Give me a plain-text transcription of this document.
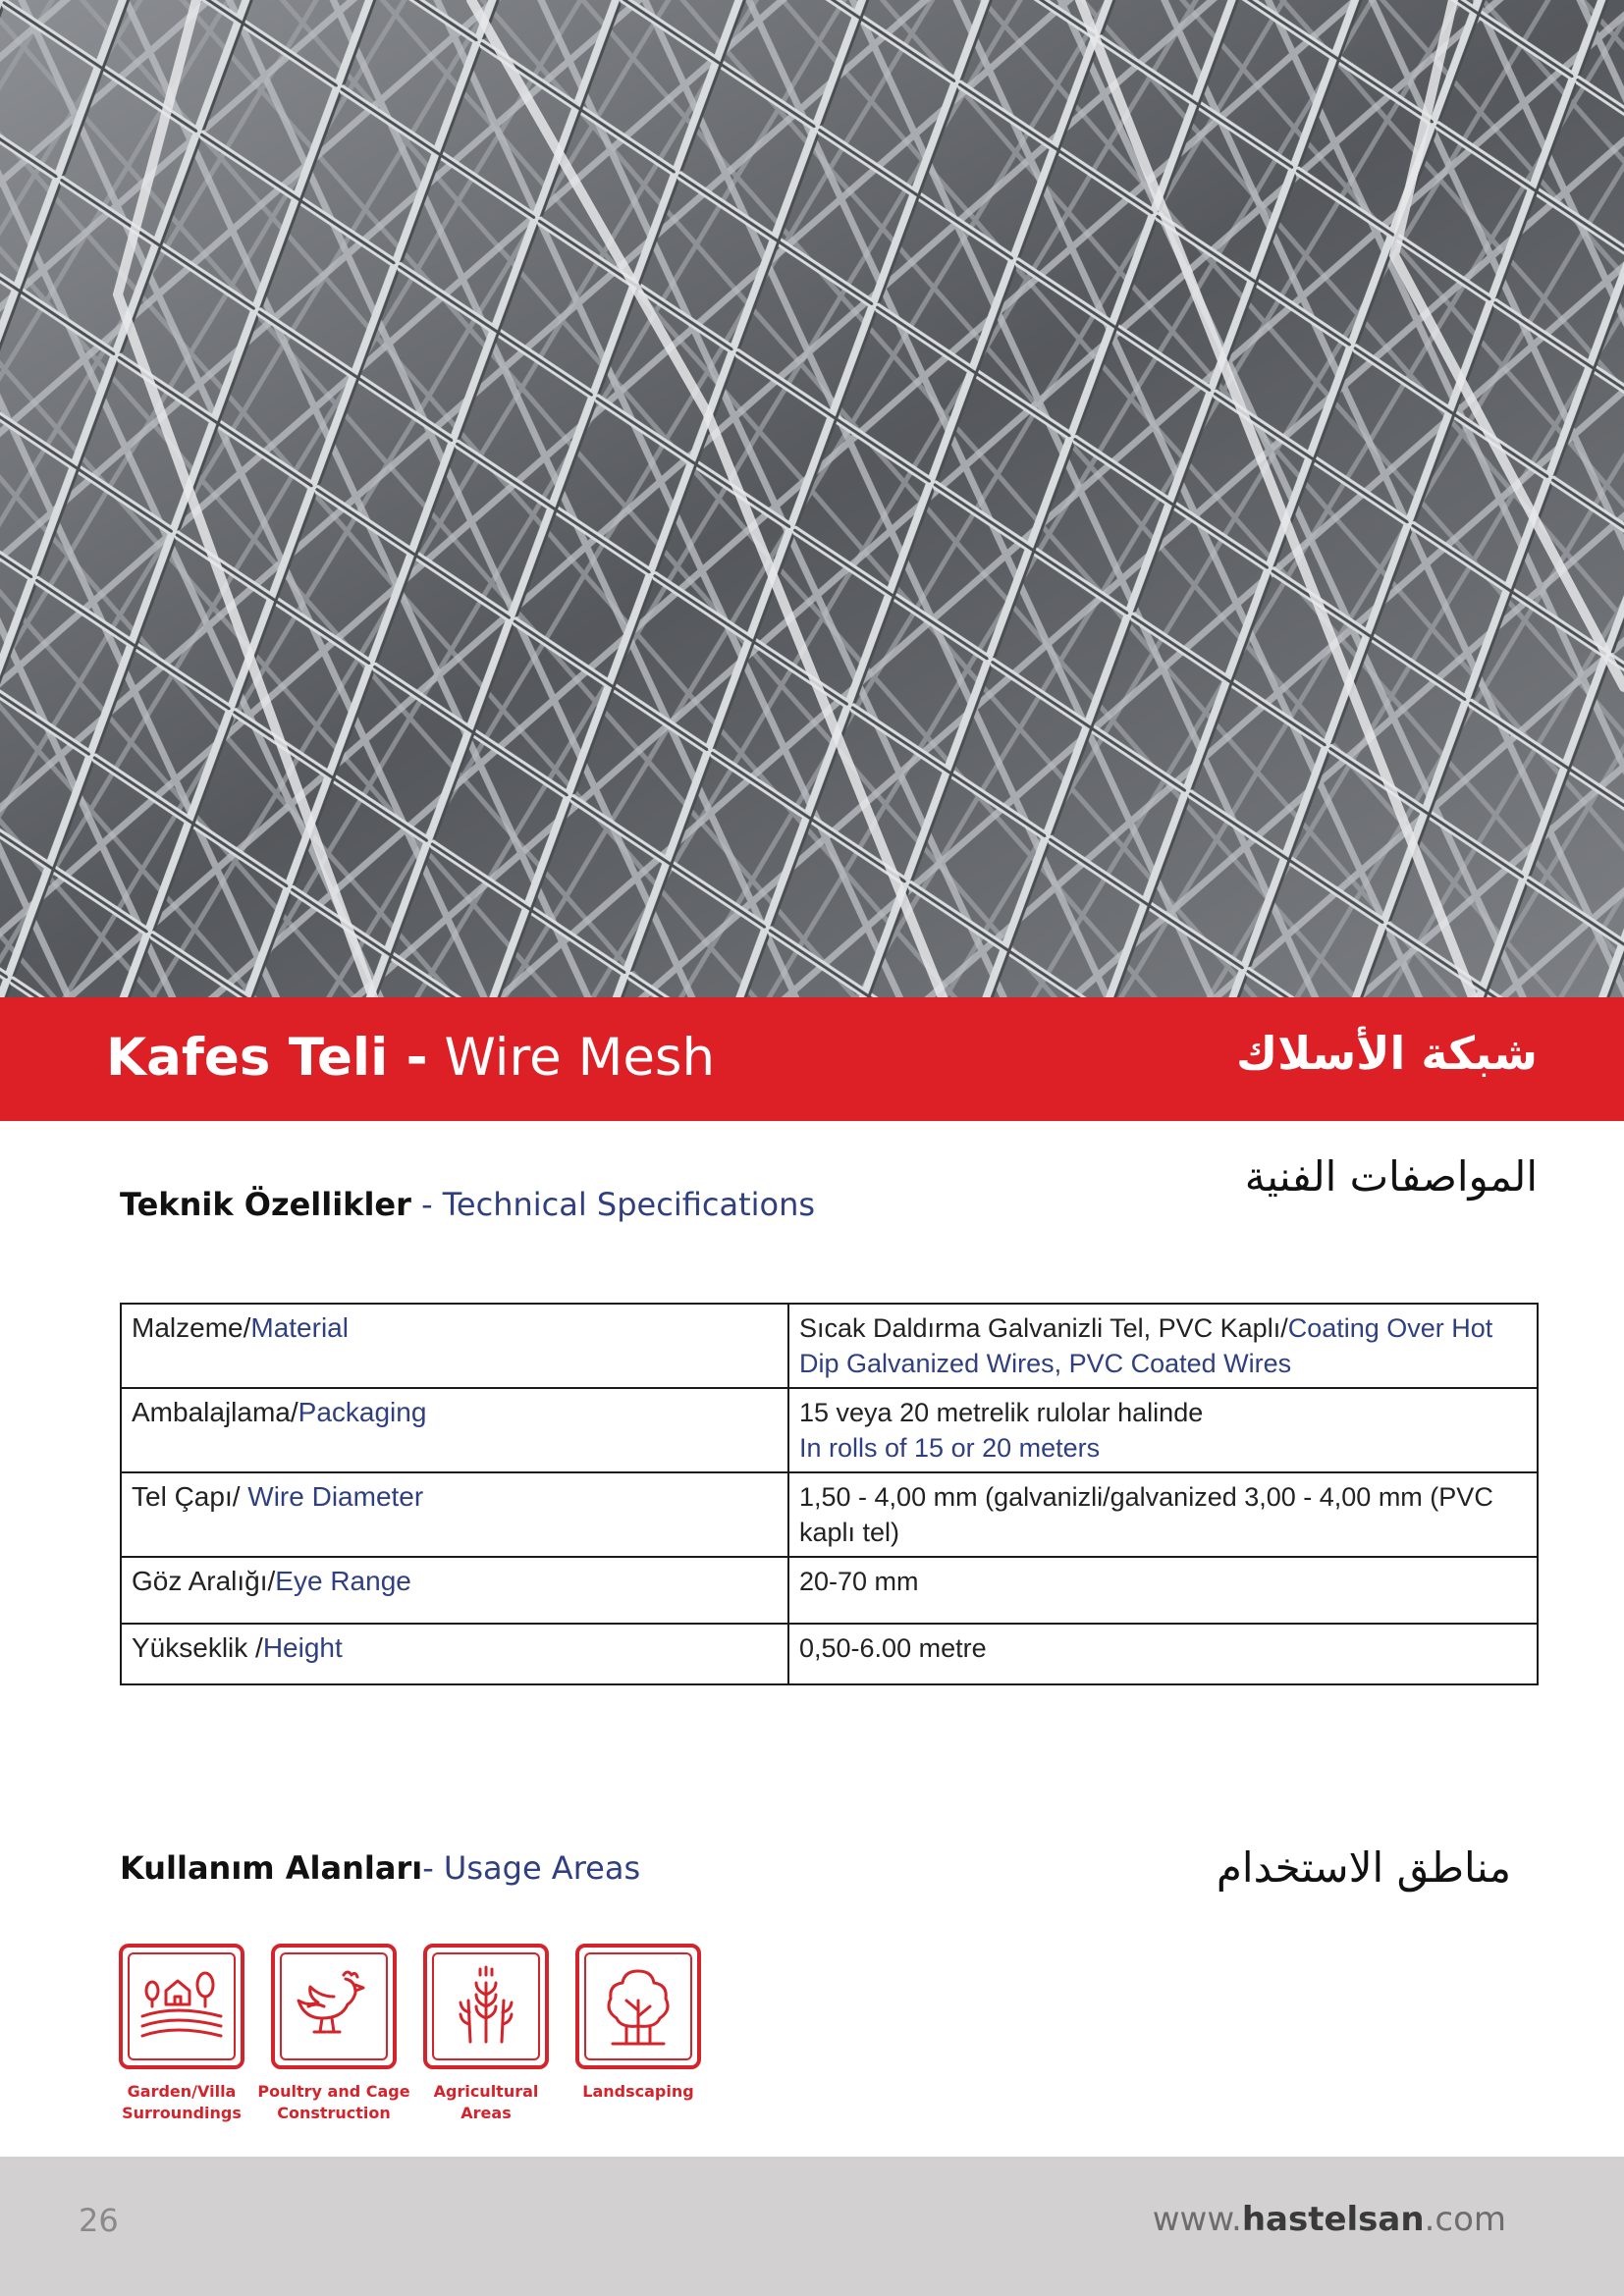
Kafes Teli - Wire Mesh	شبكة الأسلاك
Teknik Özellikler - Technical Specifications
المواصفات الفنية
Malzeme/Material	Sıcak Daldırma Galvanizli Tel, PVC Kaplı/Coating Over Hot Dip Galvanized Wires, PVC Coated Wires
Ambalajlama/Packaging	15 veya 20 metrelik rulolar halinde
In rolls of 15 or 20 meters

Tel Çapı/ Wire Diameter	1,50 - 4,00 mm (galvanizli/galvanized 3,00 - 4,00 mm (PVC kaplı tel)
Göz Aralığı/Eye Range	20-70 mm
Yükseklik /Height	0,50-6.00 metre
Kullanım Alanları- Usage Areas	مناطق الاستخدام
Garden/Villa
Surroundings
Poultry and Cage
Construction
Agricultural
Areas
Landscaping
26	www.hastelsan.com
